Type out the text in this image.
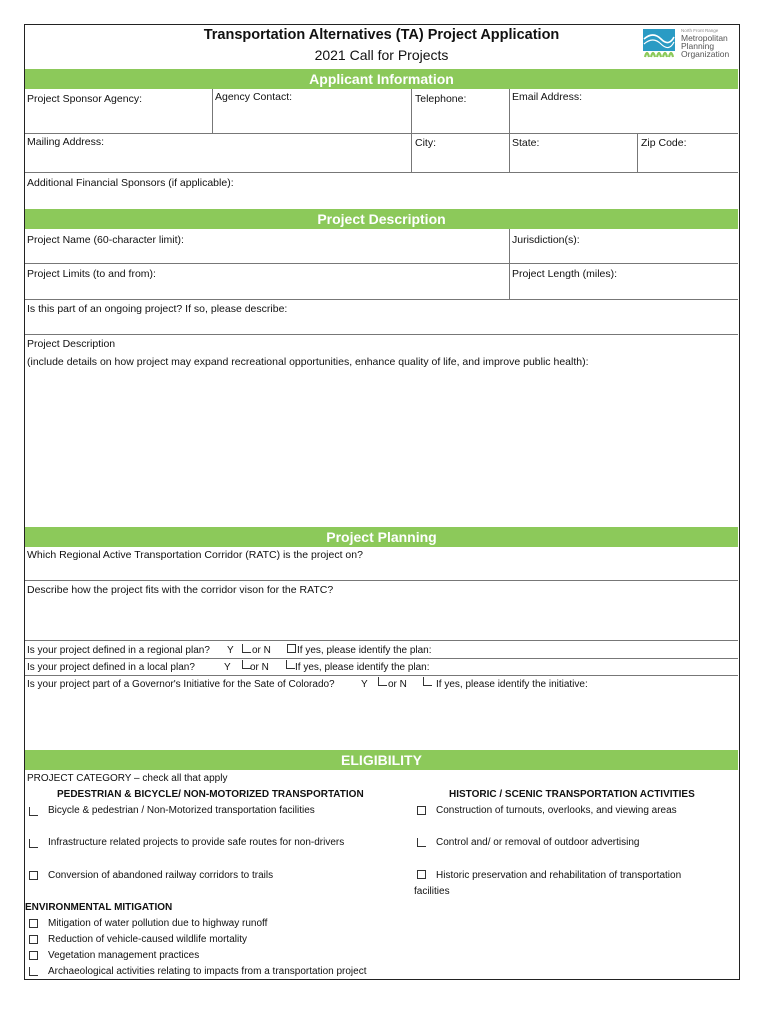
Transportation Alternatives (TA) Project Application
2021 Call for Projects
North Front Range
Metropolitan
Planning
Organization
Applicant Information
Project Sponsor Agency:	Agency Contact:	Telephone:	Email Address:
Mailing Address:	City:	State:	Zip Code:
Additional Financial Sponsors (if applicable):
Project Description
Project Name (60-character limit):	Jurisdiction(s):
Project Limits (to and from):	Project Length (miles):
Is this part of an ongoing project? If so, please describe:
Project Description
(include details on how project may expand recreational opportunities, enhance quality of life, and improve public health):
Project Planning
Which Regional Active Transportation Corridor (RATC) is the project on?
Describe how the project fits with the corridor vison for the RATC?
Is your project defined in a regional plan? Y or N	If yes, please identify the plan:
Is your project defined in a local plan?	Y or N	If yes, please identify the plan:
Is your project part of a Governor's Initiative for the Sate of Colorado?	Y or N	If yes, please identify the initiative:
ELIGIBILITY
PROJECT CATEGORY – check all that apply
PEDESTRIAN & BICYCLE/ NON-MOTORIZED TRANSPORTATION	HISTORIC / SCENIC TRANSPORTATION ACTIVITIES
Bicycle & pedestrian / Non-Motorized transportation facilities	Construction of turnouts, overlooks, and viewing areas
Infrastructure related projects to provide safe routes for non-drivers	Control and/ or removal of outdoor advertising
Conversion of abandoned railway corridors to trails	Historic preservation and rehabilitation of transportation
facilities
ENVIRONMENTAL MITIGATION
Mitigation of water pollution due to highway runoff
Reduction of vehicle-caused wildlife mortality
Vegetation management practices
Archaeological activities relating to impacts from a transportation project
